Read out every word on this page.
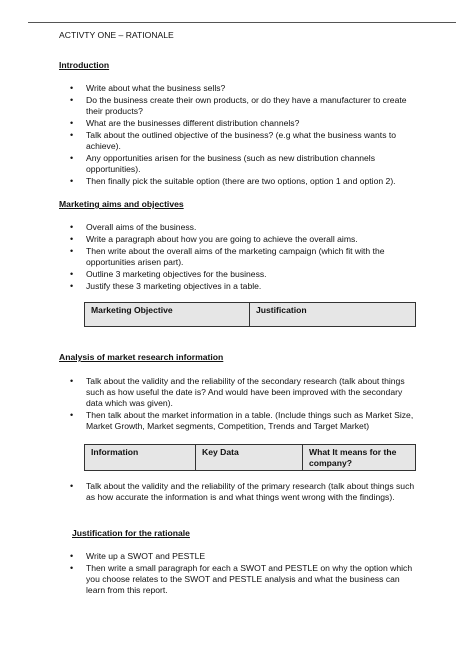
ACTIVTY ONE – RATIONALE
Introduction
• Write about what the business sells?
• Do the business create their own products, or do they have a manufacturer to create their products?
• What are the businesses different distribution channels?
• Talk about the outlined objective of the business? (e.g what the business wants to achieve).
• Any opportunities arisen for the business (such as new distribution channels opportunities).
• Then finally pick the suitable option (there are two options, option 1 and option 2).
Marketing aims and objectives
• Overall aims of the business.
• Write a paragraph about how you are going to achieve the overall aims.
• Then write about the overall aims of the marketing campaign (which fit with the opportunities arisen part).
• Outline 3 marketing objectives for the business.
• Justify these 3 marketing objectives in a table.
Marketing Objective	Justification
Analysis of market research information
• Talk about the validity and the reliability of the secondary research (talk about things such as how useful the date is? And would have been improved with the secondary data which was given).
• Then talk about the market information in a table. (Include things such as Market Size, Market Growth, Market segments, Competition, Trends and Target Market)
Information	Key Data	What It means for the company?
• Talk about the validity and the reliability of the primary research (talk about things such as how accurate the information is and what things went wrong with the findings).
Justification for the rationale
• Write up a SWOT and PESTLE
• Then write a small paragraph for each a SWOT and PESTLE on why the option which you choose relates to the SWOT and PESTLE analysis and what the business can learn from this report.
